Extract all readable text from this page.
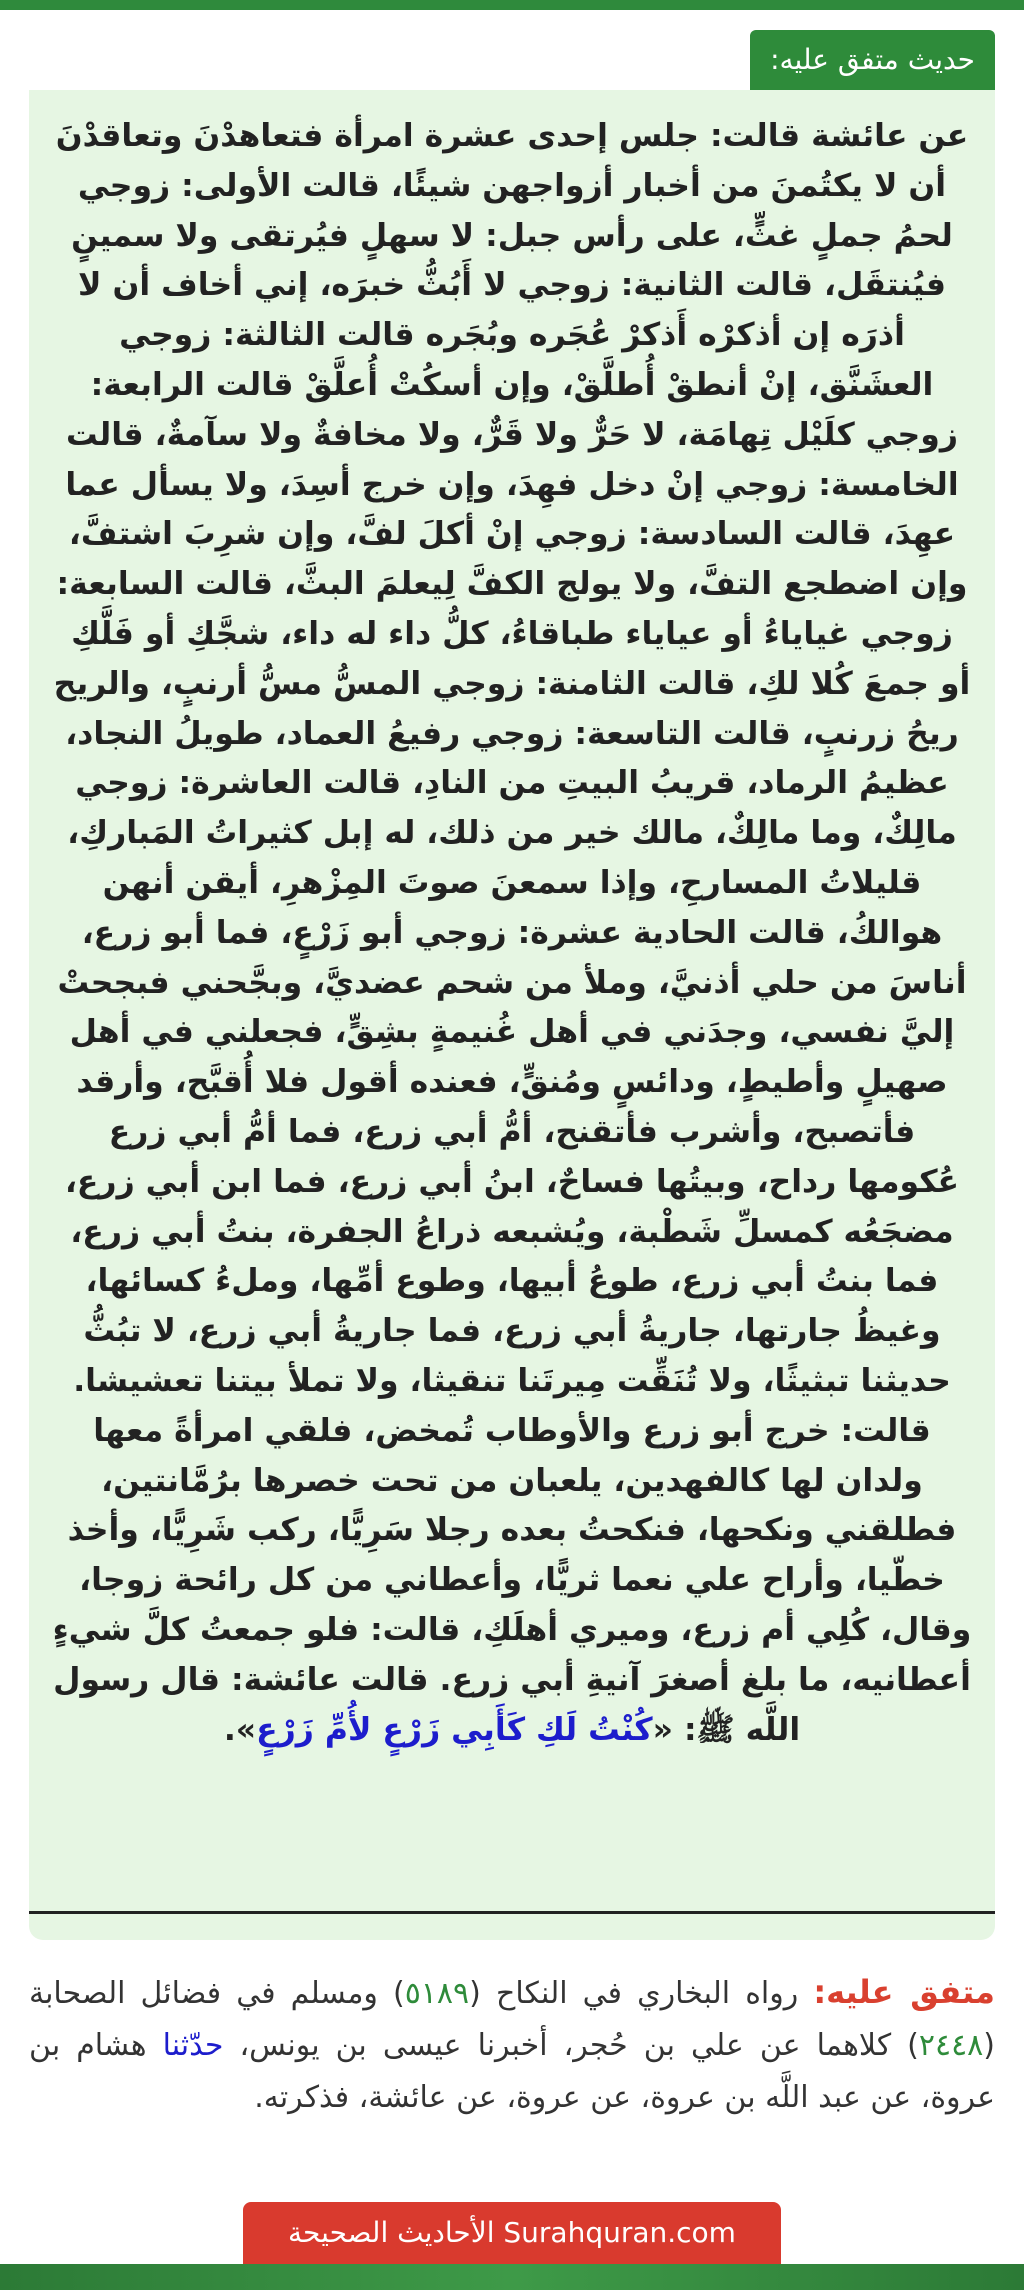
حديث متفق عليه:

عن عائشة قالت: جلس إحدى عشرة امرأة فتعاهدْنَ وتعاقدْنَ أن لا يكتُمنَ من أخبار أزواجهن شيئًا، قالت الأولى: زوجي لحمُ جملٍ غثٍّ، على رأس جبل: لا سهلٍ فيُرتقى ولا سمينٍ فيُنتقَل، قالت الثانية: زوجي لا أَبُثُّ خبرَه، إني أخاف أن لا أذرَه إن أذكرْه أَذكرْ عُجَره وبُجَره قالت الثالثة: زوجي العشَنَّق، إنْ أنطقْ أُطلَّقْ، وإن أسكُتْ أُعلَّقْ قالت الرابعة: زوجي كلَيْل تِهامَة، لا حَرٌّ ولا قَرٌّ، ولا مخافةٌ ولا سآمةٌ، قالت الخامسة: زوجي إنْ دخل فهِدَ، وإن خرج أسِدَ، ولا يسأل عما عهِدَ، قالت السادسة: زوجي إنْ أكلَ لفَّ، وإن شرِبَ اشتفَّ، وإن اضطجع التفَّ، ولا يولج الكفَّ لِيعلمَ البثَّ، قالت السابعة: زوجي غياياءُ أو عياياء طباقاءُ، كلُّ داء له داء، شجَّكِ أو فَلَّكِ أو جمعَ كُلا لكِ، قالت الثامنة: زوجي المسُّ مسُّ أرنبٍ، والريح ريحُ زرنبٍ، قالت التاسعة: زوجي رفيعُ العماد، طويلُ النجاد، عظيمُ الرماد، قريبُ البيتِ من النادِ، قالت العاشرة: زوجي مالِكٌ، وما مالِكٌ، مالك خير من ذلك، له إبل كثيراتُ المَباركِ، قليلاتُ المسارحِ، وإذا سمعنَ صوتَ المِزْهرِ، أيقن أنهن هوالكُ، قالت الحادية عشرة: زوجي أبو زَرْعٍ، فما أبو زرع، أناسَ من حلي أذنيَّ، وملأ من شحم عضديَّ، وبجَّحني فبجحتْ إليَّ نفسي، وجدَني في أهل غُنيمةٍ بشِقٍّ، فجعلني في أهل صهيلٍ وأطيطٍ، ودائسٍ ومُنقٍّ، فعنده أقول فلا أُقبَّح، وأرقد فأتصبح، وأشرب فأتقنح، أمُّ أبي زرع، فما أمُّ أبي زرع عُكومها رداح، وبيتُها فساحٌ، ابنُ أبي زرع، فما ابن أبي زرع، مضجَعُه كمسلِّ شَطْبة، ويُشبعه ذراعُ الجفرة، بنتُ أبي زرع، فما بنتُ أبي زرع، طوعُ أبيها، وطوع أمِّها، وملءُ كسائها، وغيظُ جارتها، جاريةُ أبي زرع، فما جاريةُ أبي زرع، لا تبُثُّ حديثنا تبثيثًا، ولا تُنَقِّت مِيرتَنا تنقيثا، ولا تملأ بيتنا تعشيشا. قالت: خرج أبو زرع والأوطاب تُمخض، فلقي امرأةً معها ولدان لها كالفهدين، يلعبان من تحت خصرها برُمَّانتين، فطلقني ونكحها، فنكحتُ بعده رجلا سَرِيًّا، ركب شَرِيًّا، وأخذ خطّيا، وأراح علي نعما ثريًّا، وأعطاني من كل رائحة زوجا، وقال، كُلِي أم زرع، وميري أهلَكِ، قالت: فلو جمعتُ كلَّ شيءٍ أعطانيه، ما بلغ أصغرَ آنيةِ أبي زرع. قالت عائشة: قال رسول اللَّه ﷺ: «كُنْتُ لَكِ كَأَبِي زَرْعٍ لأُمِّ زَرْعٍ».

متفق عليه: رواه البخاري في النكاح (٥١٨٩) ومسلم في فضائل الصحابة (٢٤٤٨) كلاهما عن علي بن حُجر، أخبرنا عيسى بن يونس، حدّثنا هشام بن عروة، عن عبد اللَّه بن عروة، عن عروة، عن عائشة، فذكرته.

الأحاديث الصحيحة Surahquran.com
